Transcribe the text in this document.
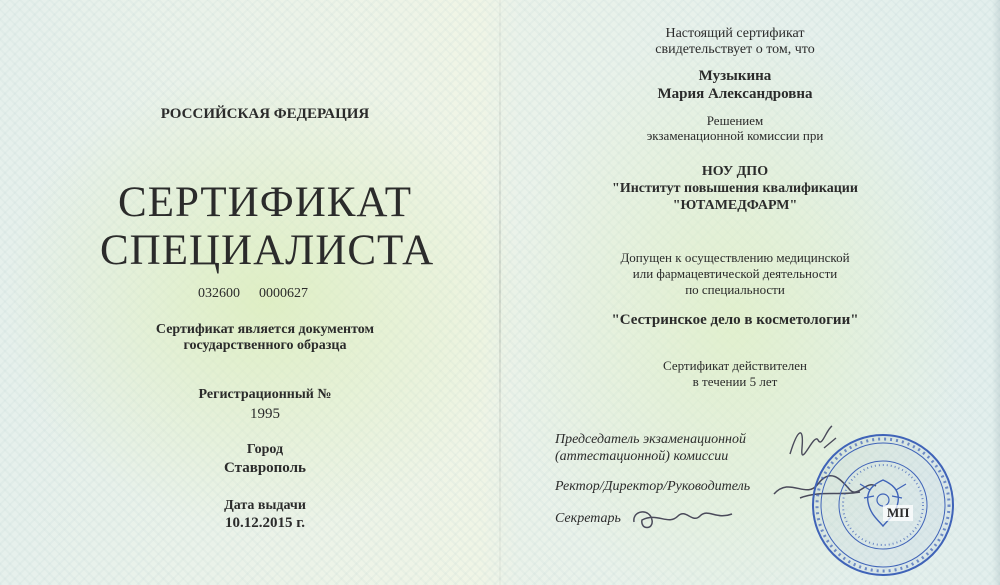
РОССИЙСКАЯ ФЕДЕРАЦИЯ
СЕРТИФИКАТ
СПЕЦИАЛИСТА
032600 0000627
Сертификат является документом
государственного образца
Регистрационный №
1995
Город
Ставрополь
Дата выдачи
10.12.2015 г.
Настоящий сертификат
свидетельствует о том, что
Музыкина
Мария Александровна
Решением
экзаменационной комиссии при
НОУ ДПО
"Институт повышения квалификации
"ЮТАМЕДФАРМ"
Допущен к осуществлению медицинской
или фармацевтической деятельности
по специальности
"Сестринское дело в косметологии"
Сертификат действителен
в течении 5 лет
Председатель экзаменационной
(аттестационной) комиссии
Ректор/Директор/Руководитель
Секретарь	МП
